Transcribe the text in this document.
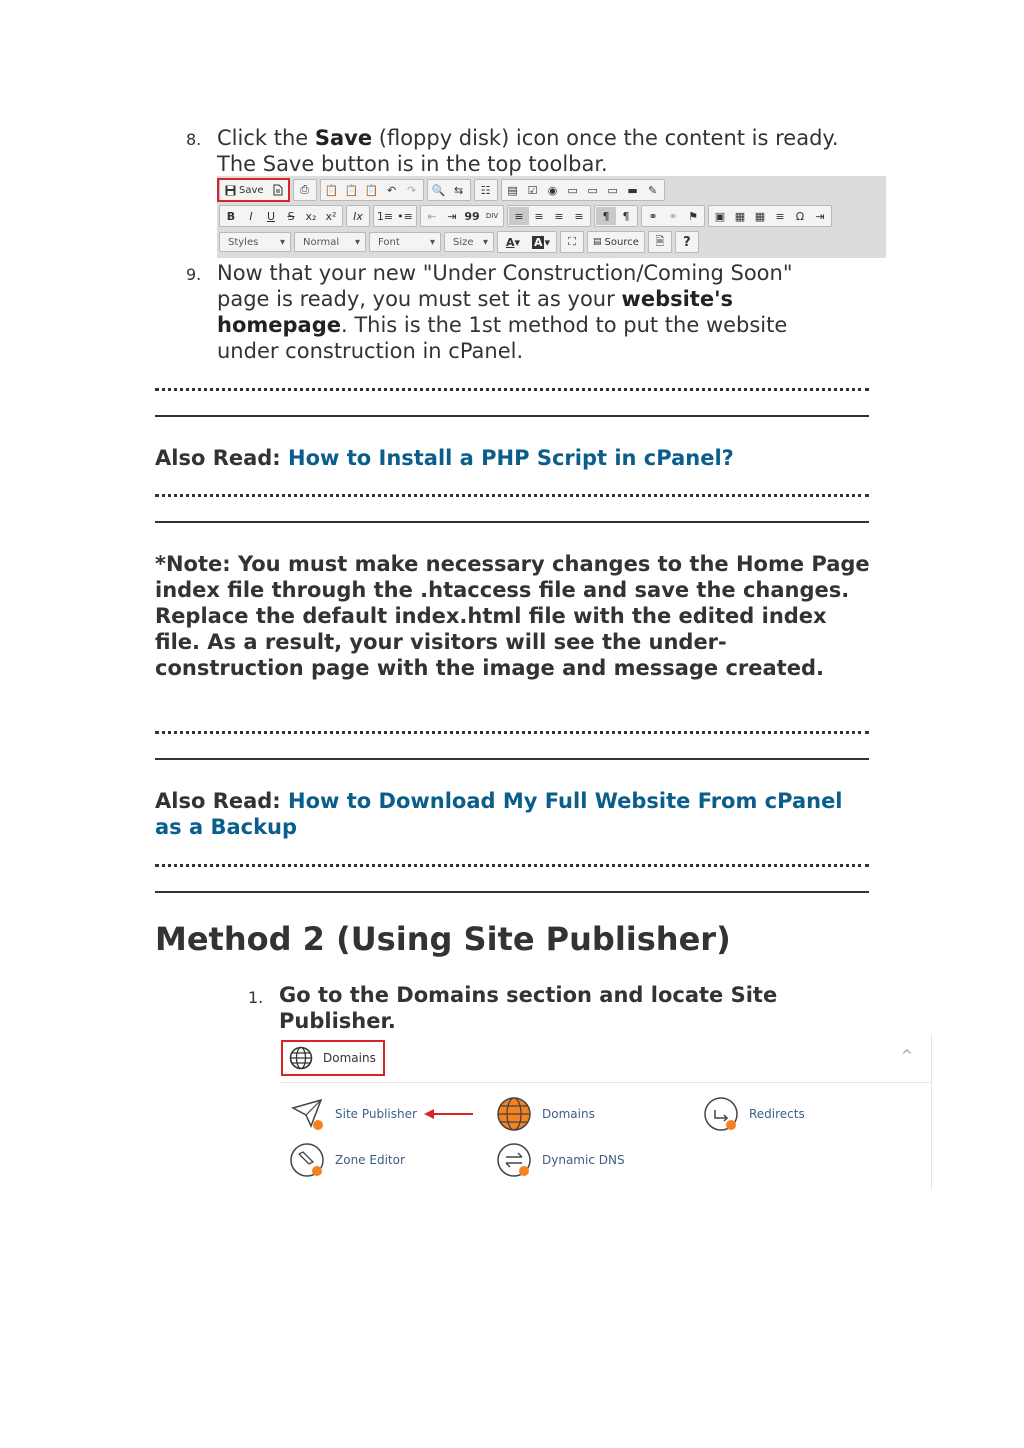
8. Click the Save (floppy disk) icon once the content is ready. The Save button is in the top toolbar.
Save	⎙	📋 📋 📋 ↶ ↷	🔍 ⇆	☷	▤ ☑ ◉ ▭ ▭ ▭ ▬ ✎
B	I	U	S	x₂ x²	Ix	1≡ •≡	⇤ ⇥ 99 DIV	≡ ≡ ≡ ≡	¶	¶	⚭ ⚭ ⚑	▣ ▦ ▦ ≡	Ω	⇥
Styles ▾ Normal ▾ Font	▾ Size ▾ A ▾	A ▾	⛶	▤ Source	🗎	?
9. Now that your new "Under Construction/Coming Soon" page is ready, you must set it as your website's homepage. This is the 1st method to put the website under construction in cPanel.
Also Read: How to Install a PHP Script in cPanel?
*Note: You must make necessary changes to the Home Page index file through the .htaccess file and save the changes. Replace the default index.html file with the edited index file. As a result, your visitors will see the under-construction page with the image and message created.
Also Read: How to Download My Full Website From cPanel as a Backup
Method 2 (Using Site Publisher)
1. Go to the Domains section and locate Site Publisher.
Domains	^
Site Publisher	Domains	Redirects
Zone Editor	Dynamic DNS
